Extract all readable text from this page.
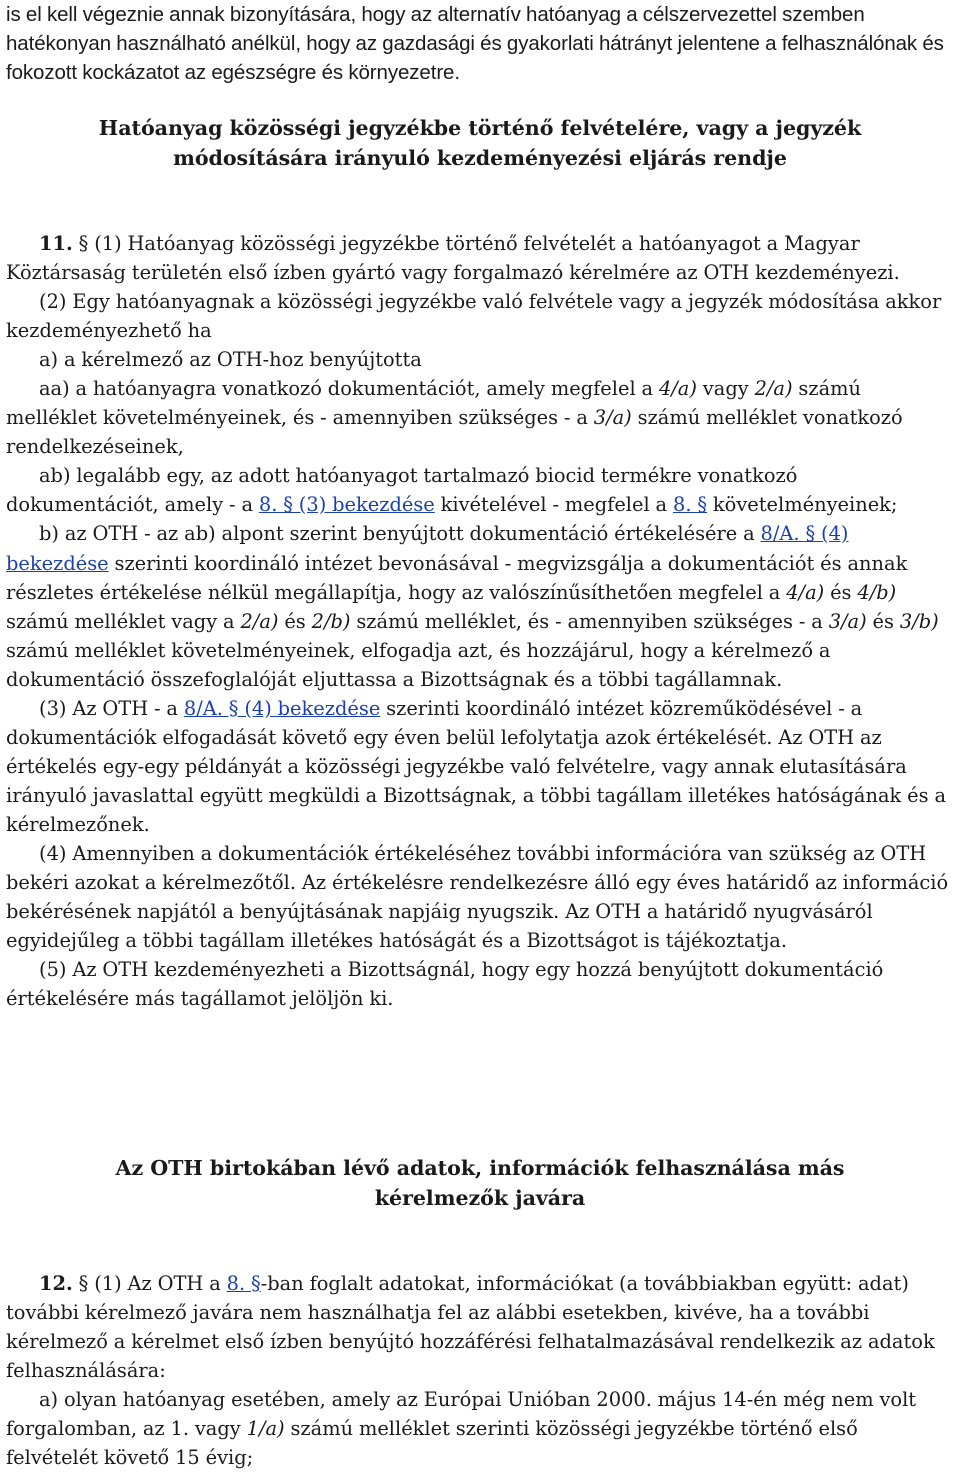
is el kell végeznie annak bizonyítására, hogy az alternatív hatóanyag a célszervezettel szemben hatékonyan használható anélkül, hogy az gazdasági és gyakorlati hátrányt jelentene a felhasználónak és fokozott kockázatot az egészségre és környezetre.

Hatóanyag közösségi jegyzékbe történő felvételére, vagy a jegyzék

módosítására irányuló kezdeményezési eljárás rendje

11. § (1) Hatóanyag közösségi jegyzékbe történő felvételét a hatóanyagot a Magyar Köztársaság területén első ízben gyártó vagy forgalmazó kérelmére az OTH kezdeményezi.

(2) Egy hatóanyagnak a közösségi jegyzékbe való felvétele vagy a jegyzék módosítása akkor kezdeményezhető ha

a) a kérelmező az OTH-hoz benyújtotta

aa) a hatóanyagra vonatkozó dokumentációt, amely megfelel a 4/a) vagy 2/a) számú melléklet követelményeinek, és - amennyiben szükséges - a 3/a) számú melléklet vonatkozó rendelkezéseinek,

ab) legalább egy, az adott hatóanyagot tartalmazó biocid termékre vonatkozó dokumentációt, amely - a 8. § (3) bekezdése kivételével - megfelel a 8. § követelményeinek;

b) az OTH - az ab) alpont szerint benyújtott dokumentáció értékelésére a 8/A. § (4) bekezdése szerinti koordináló intézet bevonásával - megvizsgálja a dokumentációt és annak részletes értékelése nélkül megállapítja, hogy az valószínűsíthetően megfelel a 4/a) és 4/b) számú melléklet vagy a 2/a) és 2/b) számú melléklet, és - amennyiben szükséges - a 3/a) és 3/b) számú melléklet követelményeinek, elfogadja azt, és hozzájárul, hogy a kérelmező a dokumentáció összefoglalóját eljuttassa a Bizottságnak és a többi tagállamnak.

(3) Az OTH - a 8/A. § (4) bekezdése szerinti koordináló intézet közreműködésével - a dokumentációk elfogadását követő egy éven belül lefolytatja azok értékelését. Az OTH az értékelés egy-egy példányát a közösségi jegyzékbe való felvételre, vagy annak elutasítására irányuló javaslattal együtt megküldi a Bizottságnak, a többi tagállam illetékes hatóságának és a kérelmezőnek.

(4) Amennyiben a dokumentációk értékeléséhez további információra van szükség az OTH bekéri azokat a kérelmezőtől. Az értékelésre rendelkezésre álló egy éves határidő az információ bekérésének napjától a benyújtásának napjáig nyugszik. Az OTH a határidő nyugvásáról egyidejűleg a többi tagállam illetékes hatóságát és a Bizottságot is tájékoztatja.

(5) Az OTH kezdeményezheti a Bizottságnál, hogy egy hozzá benyújtott dokumentáció értékelésére más tagállamot jelöljön ki.

Az OTH birtokában lévő adatok, információk felhasználása más

kérelmezők javára

12. § (1) Az OTH a 8. §-ban foglalt adatokat, információkat (a továbbiakban együtt: adat) további kérelmező javára nem használhatja fel az alábbi esetekben, kivéve, ha a további kérelmező a kérelmet első ízben benyújtó hozzáférési felhatalmazásával rendelkezik az adatok felhasználására:

a) olyan hatóanyag esetében, amely az Európai Unióban 2000. május 14-én még nem volt forgalomban, az 1. vagy 1/a) számú melléklet szerinti közösségi jegyzékbe történő első felvételét követő 15 évig;
